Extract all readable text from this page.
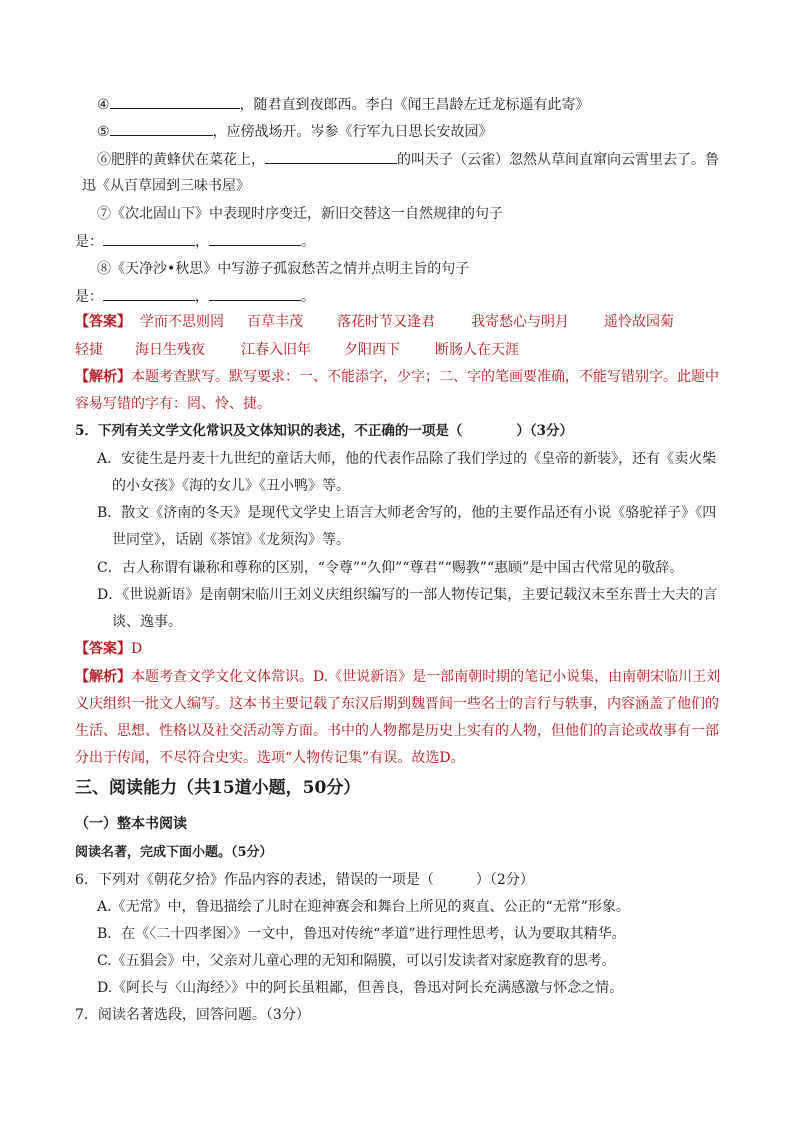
④	，随君直到夜郎西。李白《闻王昌龄左迁龙标遥有此寄》
⑤	，应傍战场开。岑参《行军九日思长安故园》
⑥肥胖的黄蜂伏在菜花上，	的叫天子（云雀）忽然从草间直窜向云霄里去了。鲁
迅《从百草园到三味书屋》
⑦《次北固山下》中表现时序变迁，新旧交替这一自然规律的句子
是：	，	。
⑧《天净沙•秋思》中写游子孤寂愁苦之情并点明主旨的句子
是：	，	。
【答案】 学而不思则罔 百草丰茂 落花时节又逢君	我寄愁心与明月	遥怜故园菊
轻捷 海日生残夜	江春入旧年 夕阳西下	断肠人在天涯
【解析】本题考查默写。默写要求：一、不能添字，少字；二、字的笔画要准确，不能写错别字。此题中
容易写错的字有：罔、怜、捷。
5．下列有关文学文化常识及文体知识的表述，不正确的一项是（　　　　）（3分）
A．安徒生是丹麦十九世纪的童话大师，他的代表作品除了我们学过的《皇帝的新装》，还有《卖火柴
的小女孩》《海的女儿》《丑小鸭》等。
B．散文《济南的冬天》是现代文学史上语言大师老舍写的，他的主要作品还有小说《骆驼祥子》《四
世同堂》，话剧《茶馆》《龙须沟》等。
C．古人称谓有谦称和尊称的区别，“令尊”“久仰”“尊君”“赐教”“惠顾”是中国古代常见的敬辞。
D．《世说新语》是南朝宋临川王刘义庆组织编写的一部人物传记集，主要记载汉末至东晋士大夫的言
谈、逸事。
【答案】D
【解析】本题考查文学文化文体常识。D.《世说新语》是一部南朝时期的笔记小说集，由南朝宋临川王刘
义庆组织一批文人编写。这本书主要记载了东汉后期到魏晋间一些名士的言行与轶事，内容涵盖了他们的
生活、思想、性格以及社交活动等方面。书中的人物都是历史上实有的人物，但他们的言论或故事有一部
分出于传闻，不尽符合史实。选项“人物传记集”有误。故选D。
三、阅读能力（共15道小题，50分）
（一）整本书阅读
阅读名著，完成下面小题。（5分）
6．下列对《朝花夕拾》作品内容的表述，错误的一项是（　　　）（2分）
A.《无常》中，鲁迅描绘了儿时在迎神赛会和舞台上所见的爽直、公正的“无常”形象。
B．在《〈二十四孝图〉》一文中，鲁迅对传统“孝道”进行理性思考，认为要取其精华。
C.《五猖会》中，父亲对儿童心理的无知和隔膜，可以引发读者对家庭教育的思考。
D.《阿长与〈山海经〉》中的阿长虽粗鄙，但善良，鲁迅对阿长充满感激与怀念之情。
7．阅读名著选段，回答问题。（3分）
